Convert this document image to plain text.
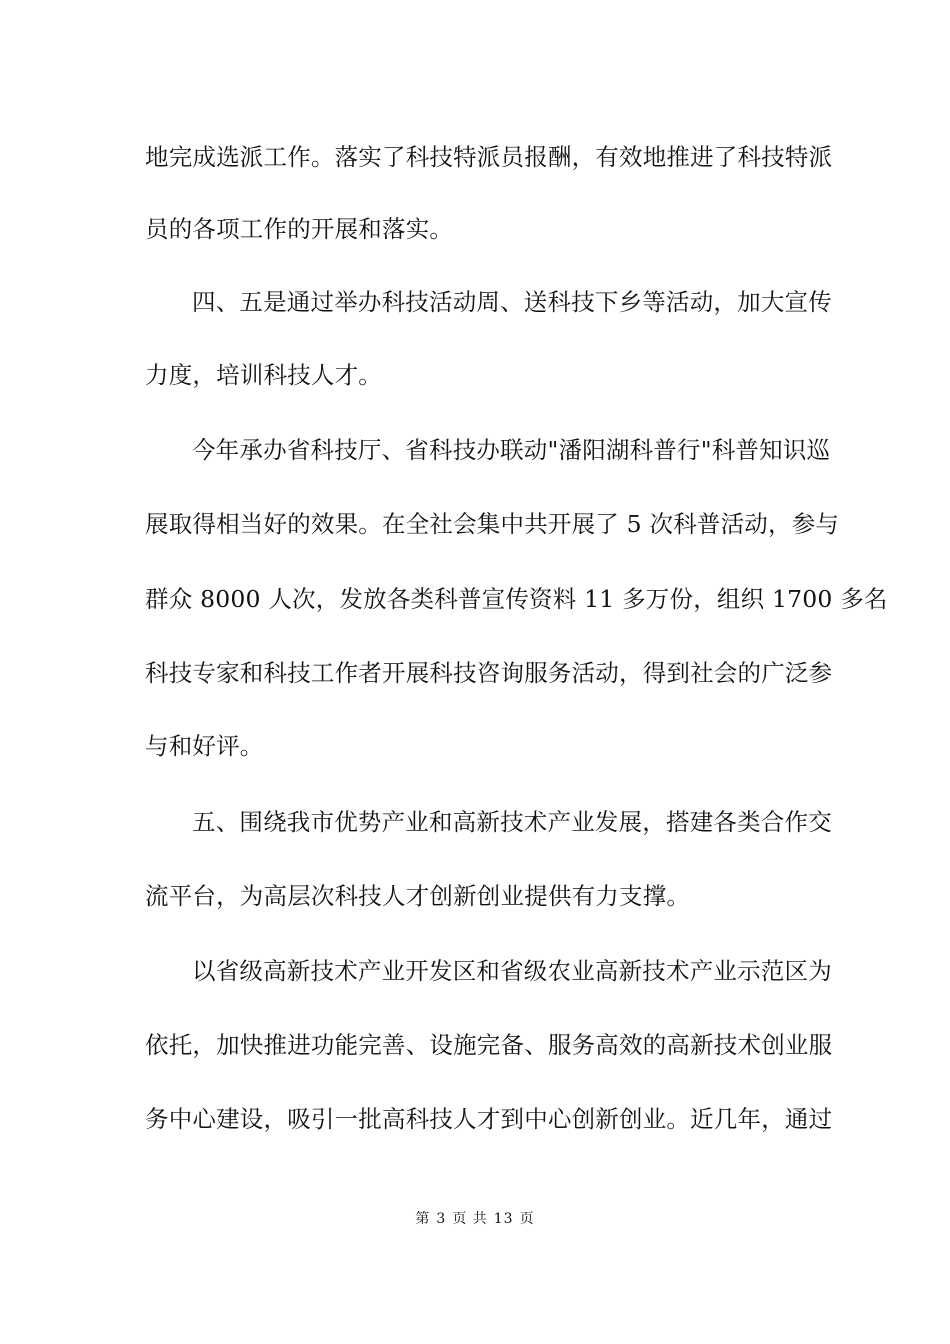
地完成选派工作。落实了科技特派员报酬，有效地推进了科技特派
员的各项工作的开展和落实。
四、五是通过举办科技活动周、送科技下乡等活动，加大宣传
力度，培训科技人才。
今年承办省科技厅、省科技办联动"潘阳湖科普行"科普知识巡
展取得相当好的效果。在全社会集中共开展了 5 次科普活动，参与
群众 8000 人次，发放各类科普宣传资料 11 多万份，组织 1700 多名
科技专家和科技工作者开展科技咨询服务活动，得到社会的广泛参
与和好评。
五、围绕我市优势产业和高新技术产业发展，搭建各类合作交
流平台，为高层次科技人才创新创业提供有力支撑。
以省级高新技术产业开发区和省级农业高新技术产业示范区为
依托，加快推进功能完善、设施完备、服务高效的高新技术创业服
务中心建设，吸引一批高科技人才到中心创新创业。近几年，通过
第 3 页 共 13 页
